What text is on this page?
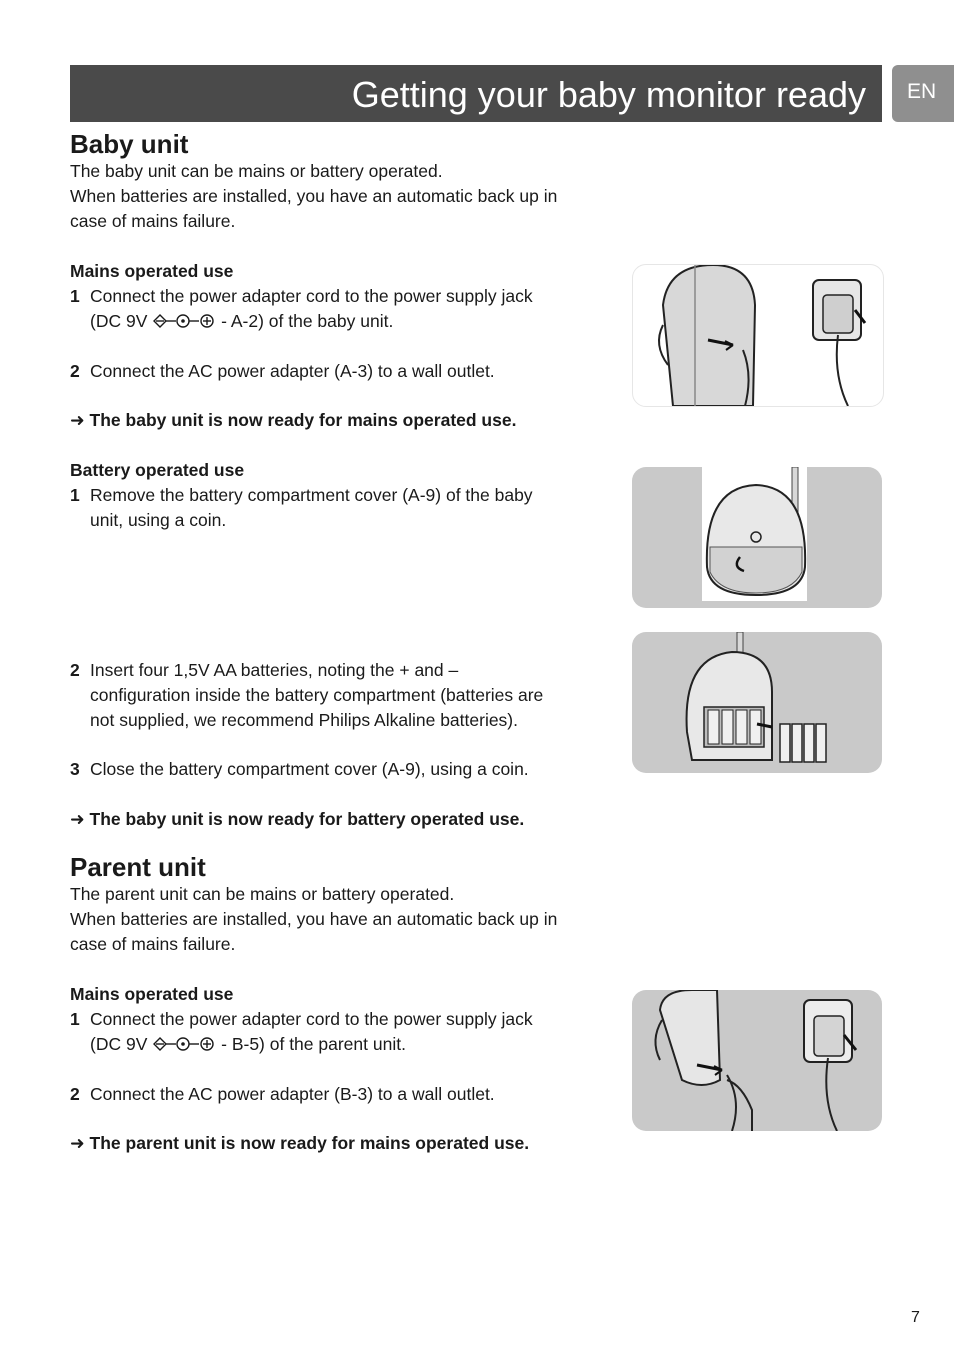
Getting your baby monitor ready EN
Baby unit
The baby unit can be mains or battery operated.
When batteries are installed, you have an automatic back up in
case of mains failure.
Mains operated use
1 Connect the power adapter cord to the power supply jack
(DC 9V	- A-2) of the baby unit.
2 Connect the AC power adapter (A-3) to a wall outlet.
➜ The baby unit is now ready for mains operated use.
Battery operated use
1 Remove the battery compartment cover (A-9) of the baby
unit, using a coin.
2 Insert four 1,5V AA batteries, noting the + and –
configuration inside the battery compartment (batteries are
not supplied, we recommend Philips Alkaline batteries).
3 Close the battery compartment cover (A-9), using a coin.
➜ The baby unit is now ready for battery operated use.
Parent unit
The parent unit can be mains or battery operated.
When batteries are installed, you have an automatic back up in
case of mains failure.
Mains operated use
1 Connect the power adapter cord to the power supply jack
(DC 9V	- B-5) of the parent unit.
2 Connect the AC power adapter (B-3) to a wall outlet.
➜ The parent unit is now ready for mains operated use.
7
